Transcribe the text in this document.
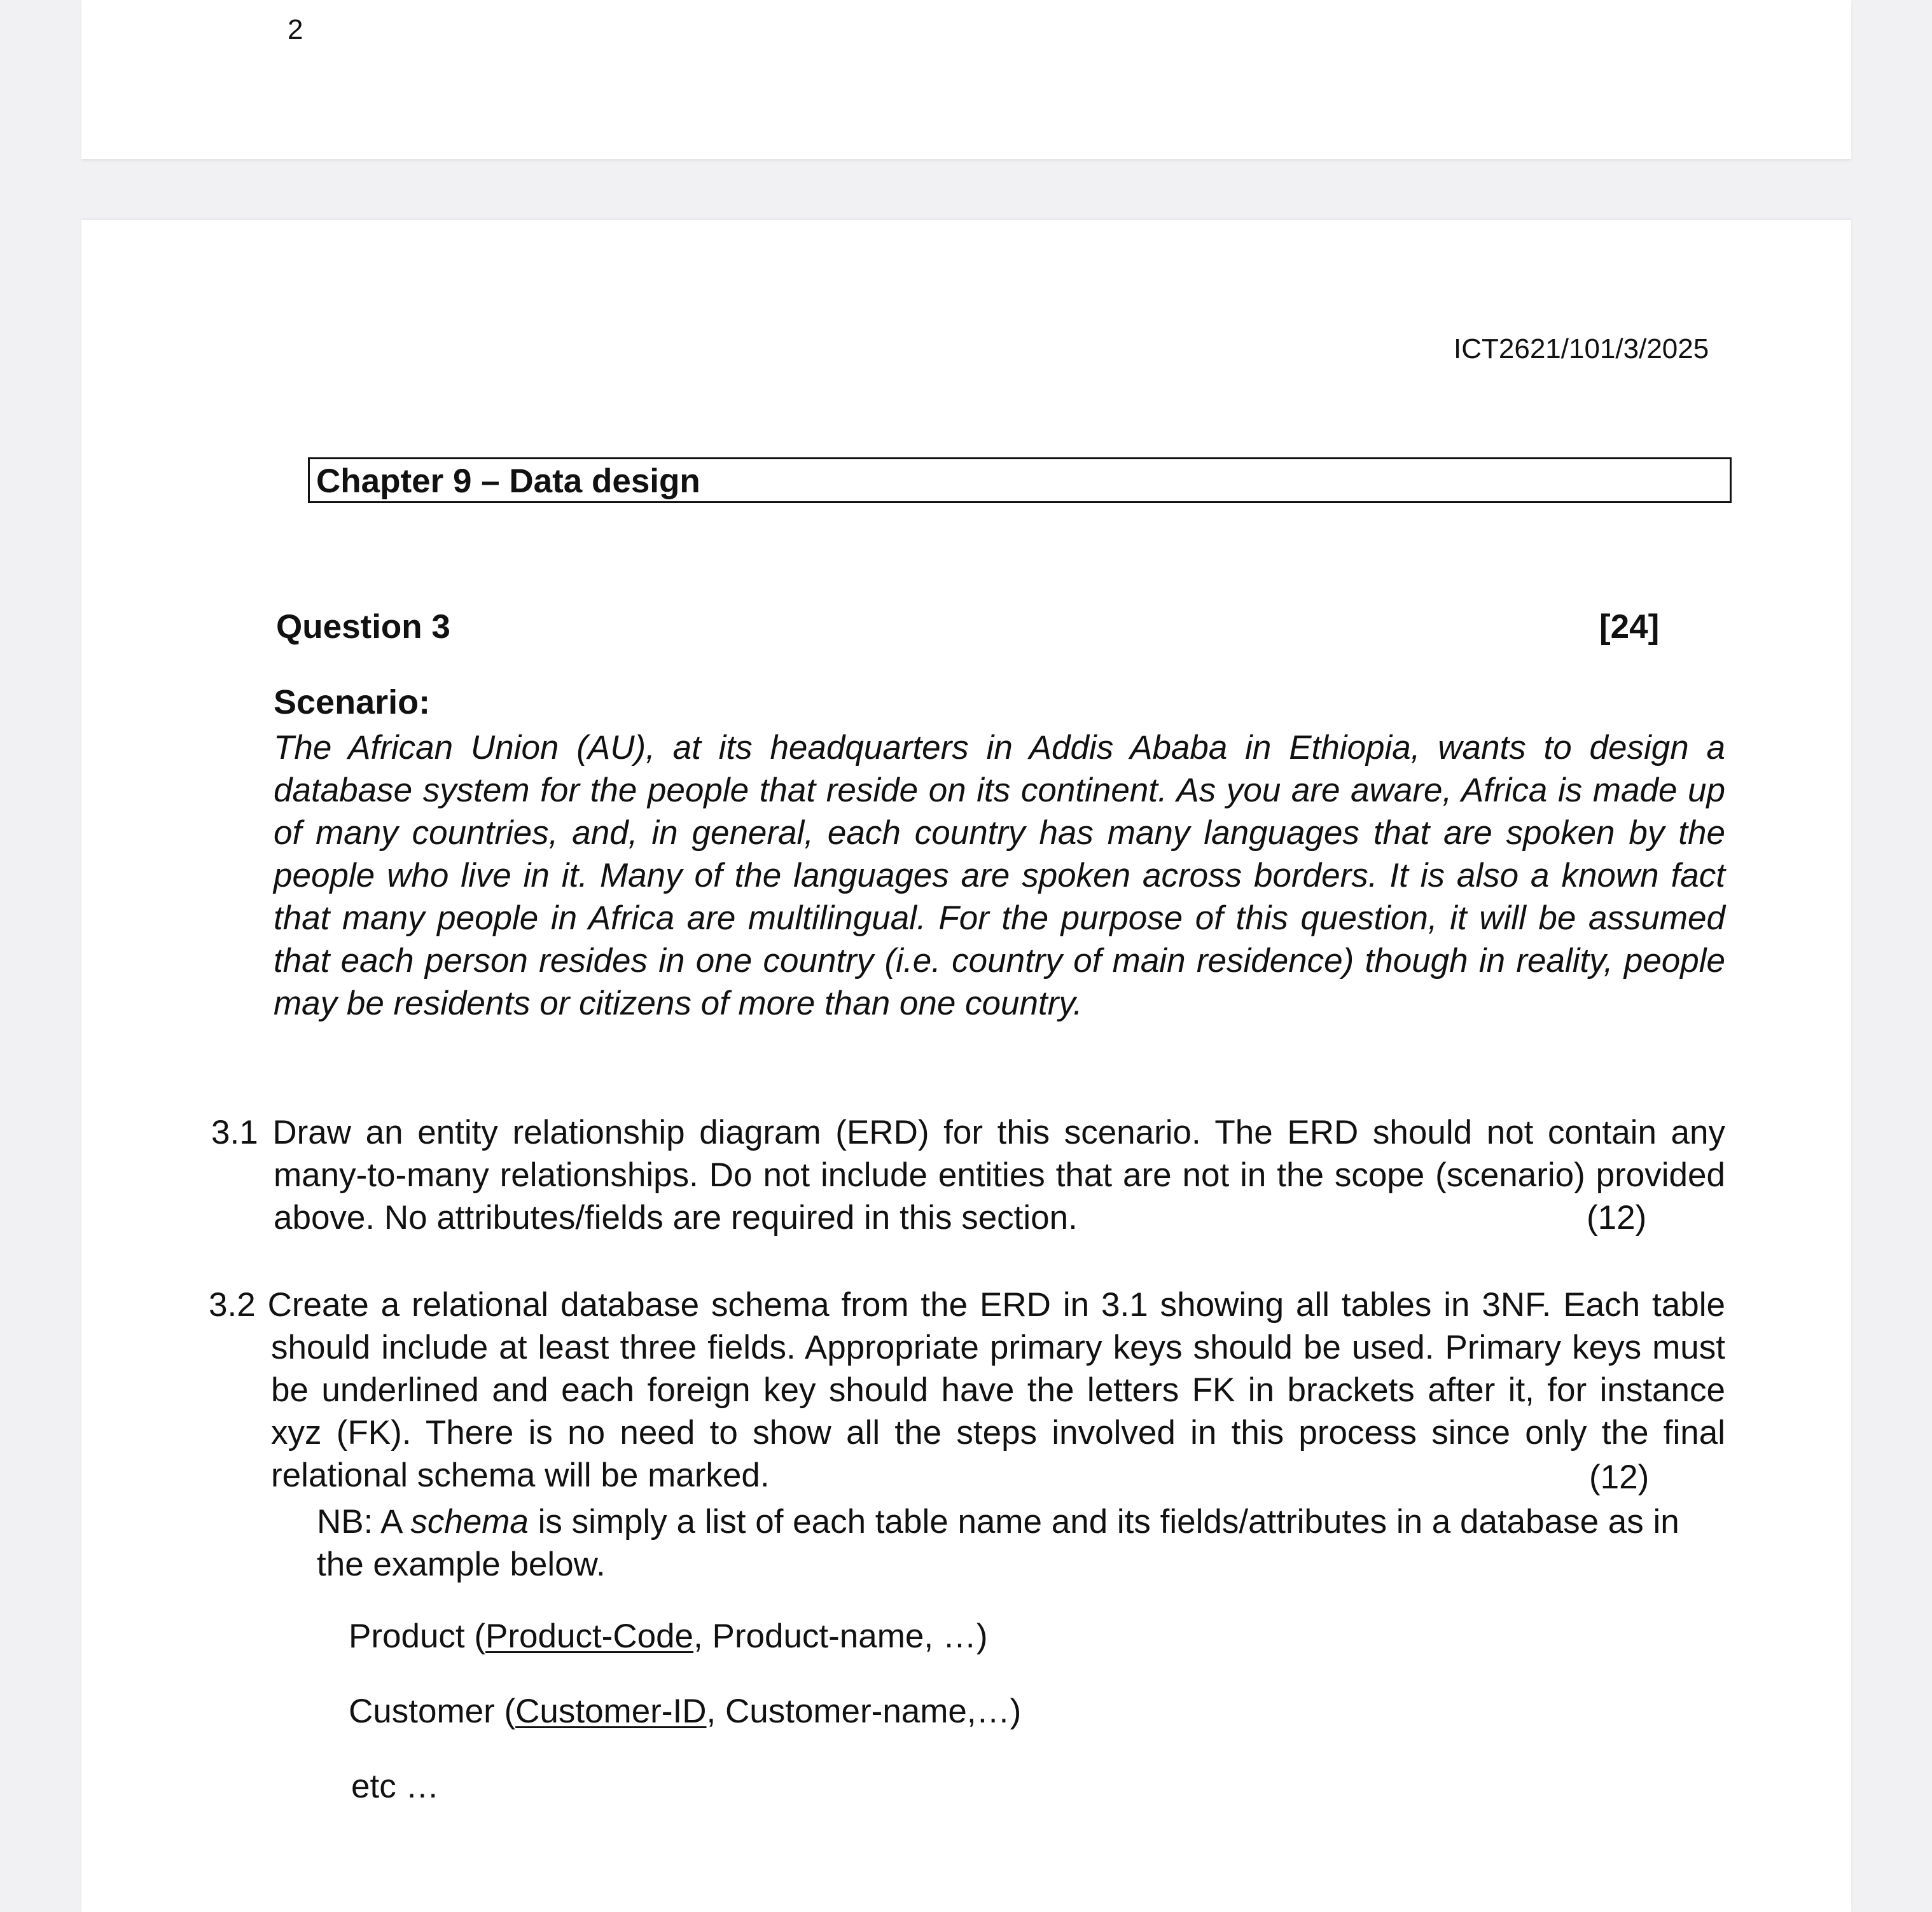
2
ICT2621/101/3/2025
Chapter 9 – Data design
Question 3	[24]
Scenario:
The African Union (AU), at its headquarters in Addis Ababa in Ethiopia, wants to design a database system for the people that reside on its continent. As you are aware, Africa is made up of many countries, and, in general, each country has many languages that are spoken by the people who live in it. Many of the languages are spoken across borders. It is also a known fact that many people in Africa are multilingual. For the purpose of this question, it will be assumed that each person resides in one country (i.e. country of main residence) though in reality, people may be residents or citizens of more than one country.
3.1 Draw an entity relationship diagram (ERD) for this scenario. The ERD should not contain any many-to-many relationships. Do not include entities that are not in the scope (scenario) provided above. No attributes/fields are required in this section.	(12)
3.2 Create a relational database schema from the ERD in 3.1 showing all tables in 3NF. Each table should include at least three fields. Appropriate primary keys should be used. Primary keys must be underlined and each foreign key should have the letters FK in brackets after it, for instance xyz (FK). There is no need to show all the steps involved in this process since only the final relational schema will be marked.	(12)
NB: A schema is simply a list of each table name and its fields/attributes in a database as in the example below.
Product (Product-Code, Product-name, …)
Customer (Customer-ID, Customer-name,…)
etc …
